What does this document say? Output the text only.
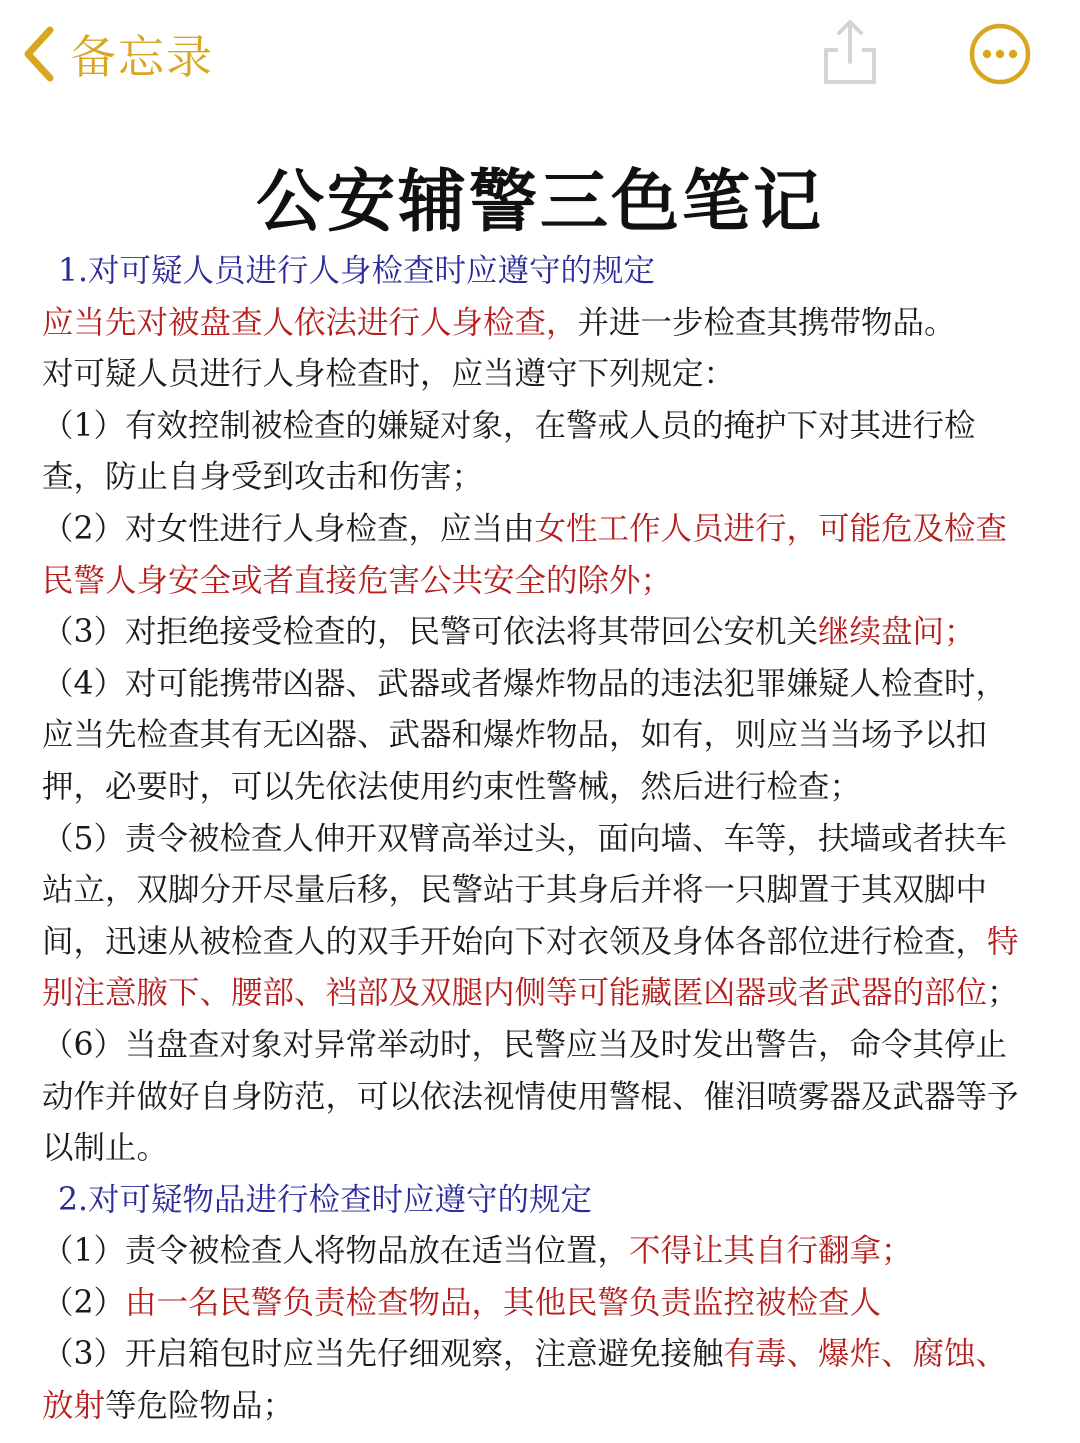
备忘录
公安辅警三色笔记
1.对可疑人员进行人身检查时应遵守的规定
应当先对被盘查人依法进行人身检查，并进一步检查其携带物品。
对可疑人员进行人身检查时，应当遵守下列规定：
（1）有效控制被检查的嫌疑对象，在警戒人员的掩护下对其进行检
查，防止自身受到攻击和伤害；
（2）对女性进行人身检查，应当由女性工作人员进行，可能危及检查
民警人身安全或者直接危害公共安全的除外；
（3）对拒绝接受检查的，民警可依法将其带回公安机关继续盘问；
（4）对可能携带凶器、武器或者爆炸物品的违法犯罪嫌疑人检查时，
应当先检查其有无凶器、武器和爆炸物品，如有，则应当当场予以扣
押，必要时，可以先依法使用约束性警械，然后进行检查；
（5）责令被检查人伸开双臂高举过头，面向墙、车等，扶墙或者扶车
站立，双脚分开尽量后移，民警站于其身后并将一只脚置于其双脚中
间，迅速从被检查人的双手开始向下对衣领及身体各部位进行检查，特
别注意腋下、腰部、裆部及双腿内侧等可能藏匿凶器或者武器的部位；
（6）当盘查对象对异常举动时，民警应当及时发出警告，命令其停止
动作并做好自身防范，可以依法视情使用警棍、催泪喷雾器及武器等予
以制止。
2.对可疑物品进行检查时应遵守的规定
（1）责令被检查人将物品放在适当位置，不得让其自行翻拿；
（2）由一名民警负责检查物品，其他民警负责监控被检查人
（3）开启箱包时应当先仔细观察，注意避免接触有毒、爆炸、腐蚀、
放射等危险物品；
